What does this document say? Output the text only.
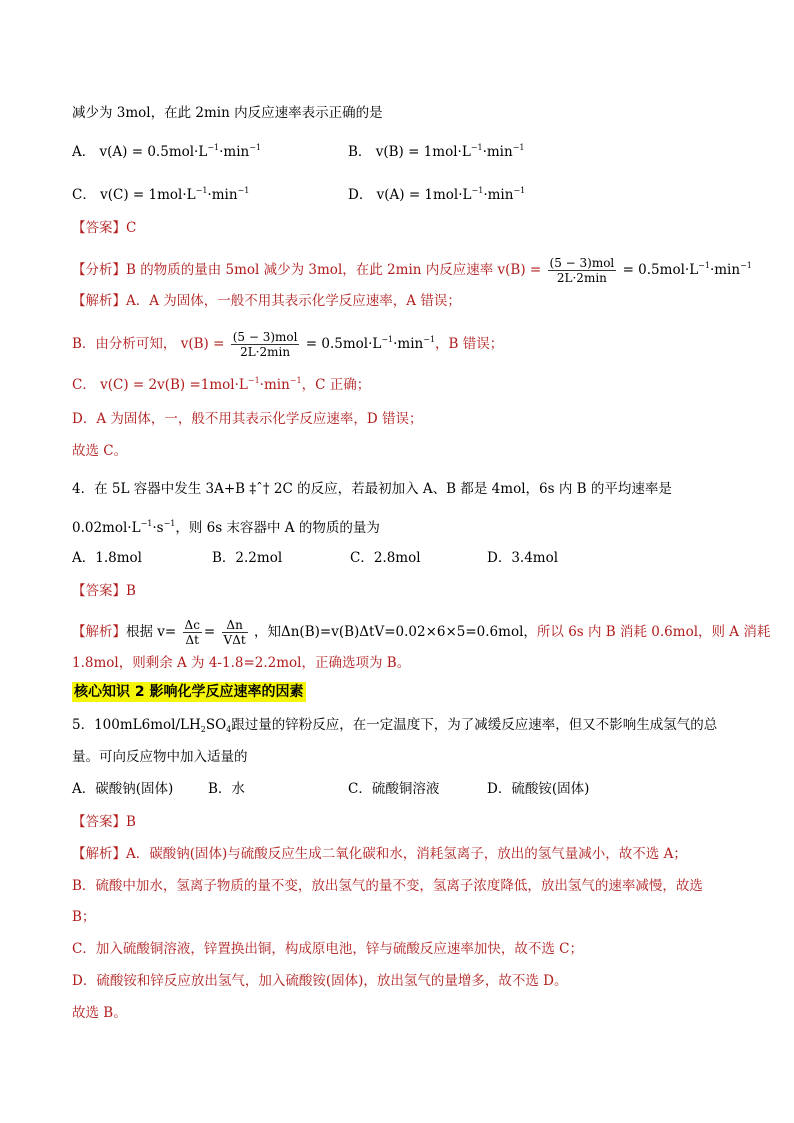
减少为 3mol，在此 2min 内反应速率表示正确的是
A． $v(A) = 0.5mol\cdot L^{-1}\cdot\min^{-1}$	B． $v(B) = 1mol\cdot L^{-1}\cdot\min^{-1}$
C． $v(C) = 1mol\cdot L^{-1}\cdot\min^{-1}$	D． $v(A) = 1mol\cdot L^{-1}\cdot\min^{-1}$
【答案】C
【分析】B 的物质的量由 5mol 减少为 3mol，在此 2min 内反应速率 $v(B) = \frac{\text{(5 − 3)mol}}{2L\cdot 2\min} = 0.5mol\cdot L^{-1}\cdot\min^{-1}$
【解析】A．A 为固体，一般不用其表示化学反应速率，A 错误；
B．由分析可知， $v(B) = \frac{\text{(5 − 3)mol}}{2L\cdot 2\min} = 0.5mol\cdot L^{-1}\cdot\min^{-1}$，B 错误；
C． $v(C) = 2v(B) =1mol\cdot L^{-1}\cdot\min^{-1}$，C 正确；
D．A 为固体，一，般不用其表示化学反应速率，D 错误；
故选 C。
4．在 5L 容器中发生 3A+B ‡ˆ† 2C 的反应，若最初加入 A、B 都是 4mol，6s 内 B 的平均速率是
$0.02mol\cdot L^{-1}\cdot s^{-1}$，则 6s 末容器中 A 的物质的量为
A．1.8mol	B．2.2mol	C．2.8mol	D．3.4mol
【答案】B
【解析】根据 $v= \frac{\Delta c}{\Delta t} = \frac{\Delta n}{\text{VΔt}}$ ，知Δn(B)=v(B)ΔtV=0.02×6×5=0.6mol，所以 6s 内 B 消耗 0.6mol，则 A 消耗
1.8mol，则剩余 A 为 4-1.8=2.2mol，正确选项为 B。
核心知识 2 影响化学反应速率的因素
5．$100mL6mol/LH_2SO_4$跟过量的锌粉反应，在一定温度下，为了减缓反应速率，但又不影响生成氢气的总
量。可向反应物中加入适量的
A．碳酸钠(固体)	B．水	C．硫酸铜溶液	D．硫酸铵(固体)
【答案】B
【解析】A．碳酸钠(固体)与硫酸反应生成二氧化碳和水，消耗氢离子，放出的氢气量减小，故不选 A；
B．硫酸中加水，氢离子物质的量不变，放出氢气的量不变，氢离子浓度降低，放出氢气的速率减慢，故选
B；
C．加入硫酸铜溶液，锌置换出铜，构成原电池，锌与硫酸反应速率加快，故不选 C；
D．硫酸铵和锌反应放出氢气，加入硫酸铵(固体)，放出氢气的量增多，故不选 D。
故选 B。
